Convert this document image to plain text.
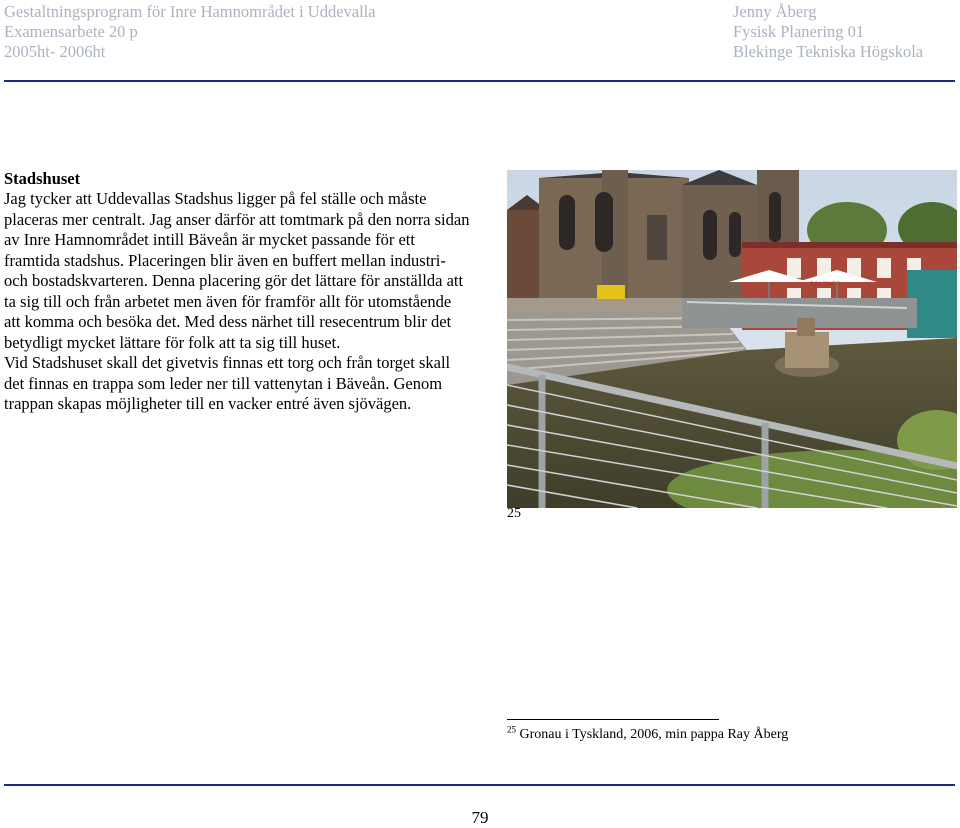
Gestaltningsprogram för Inre Hamnområdet i Uddevalla
Examensarbete 20 p
2005ht- 2006ht
Jenny Åberg
Fysisk Planering 01
Blekinge Tekniska Högskola
Stadshuset

Jag tycker att Uddevallas Stadshus ligger på fel ställe och måste placeras mer centralt. Jag anser därför att tomtmark på den norra sidan av Inre Hamnområdet intill Bäveån är mycket passande för ett framtida stadshus. Placeringen blir även en buffert mellan industri- och bostadskvarteren. Denna placering gör det lättare för anställda att ta sig till och från arbetet men även för framför allt för utomstående att komma och besöka det. Med dess närhet till resecentrum blir det betydligt mycket lättare för folk att ta sig till huset.

Vid Stadshuset skall det givetvis finnas ett torg och från torget skall det finnas en trappa som leder ner till vattenytan i Bäveån. Genom trappan skapas möjligheter till en vacker entré även sjövägen.

BOLONGO
25
$^{25}$ Gronau i Tyskland, 2006, min pappa Ray Åberg
79
